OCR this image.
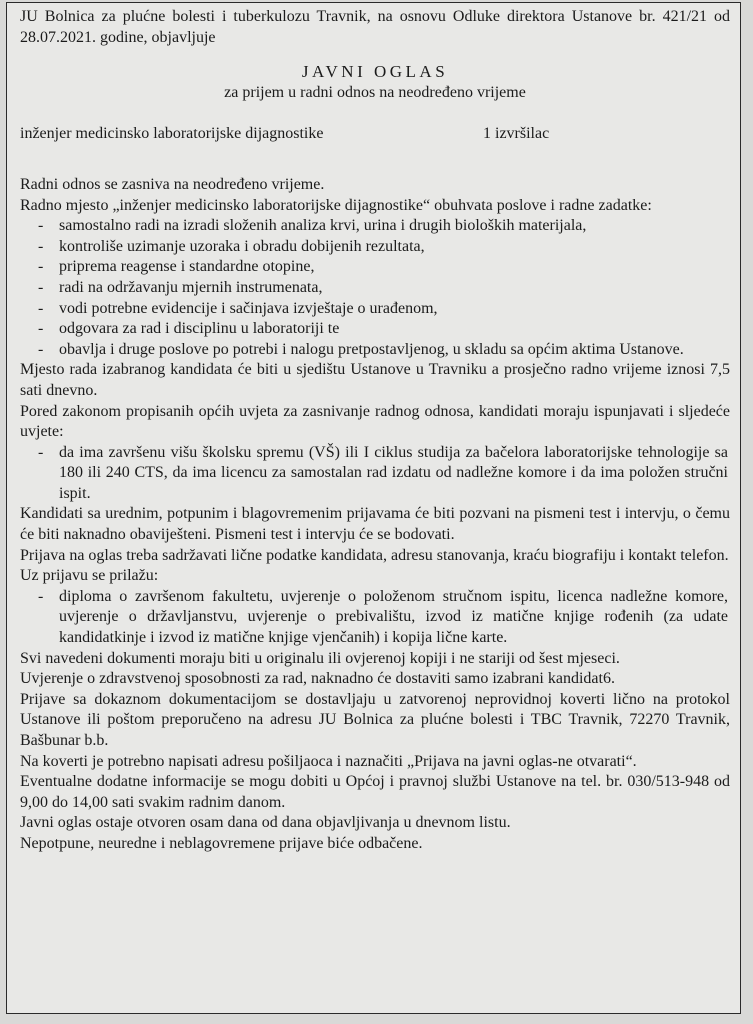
JU Bolnica za plućne bolesti i tuberkulozu Travnik, na osnovu Odluke direktora Ustanove br. 421/21 od 28.07.2021. godine, objavljuje

JAVNI OGLAS

za prijem u radni odnos na neodređeno vrijeme

inženjer medicinsko laboratorijske dijagnostike	1 izvršilac

Radni odnos se zasniva na neodređeno vrijeme.

Radno mjesto „inženjer medicinsko laboratorijske dijagnostike“ obuhvata poslove i radne zadatke:

- samostalno radi na izradi složenih analiza krvi, urina i drugih bioloških materijala,
- kontroliše uzimanje uzoraka i obradu dobijenih rezultata,
- priprema reagense i standardne otopine,
- radi na održavanju mjernih instrumenata,
- vodi potrebne evidencije i sačinjava izvještaje o urađenom,
- odgovara za rad i disciplinu u laboratoriji te
- obavlja i druge poslove po potrebi i nalogu pretpostavljenog, u skladu sa općim aktima Ustanove.

Mjesto rada izabranog kandidata će biti u sjedištu Ustanove u Travniku a prosječno radno vrijeme iznosi 7,5 sati dnevno.

Pored zakonom propisanih općih uvjeta za zasnivanje radnog odnosa, kandidati moraju ispunjavati i sljedeće uvjete:

- da ima završenu višu školsku spremu (VŠ) ili I ciklus studija za bačelora laboratorijske tehnologije sa 180 ili 240 CTS, da ima licencu za samostalan rad izdatu od nadležne komore i da ima položen stručni ispit.

Kandidati sa urednim, potpunim i blagovremenim prijavama će biti pozvani na pismeni test i intervju, o čemu će biti naknadno obaviješteni. Pismeni test i intervju će se bodovati.

Prijava na oglas treba sadržavati lične podatke kandidata, adresu stanovanja, kraću biografiju i kontakt telefon.

Uz prijavu se prilažu:

- diploma o završenom fakultetu, uvjerenje o položenom stručnom ispitu, licenca nadležne komore, uvjerenje o državljanstvu, uvjerenje o prebivalištu, izvod iz matične knjige rođenih (za udate kandidatkinje i izvod iz matične knjige vjenčanih) i kopija lične karte.

Svi navedeni dokumenti moraju biti u originalu ili ovjerenoj kopiji i ne stariji od šest mjeseci.

Uvjerenje o zdravstvenoj sposobnosti za rad, naknadno će dostaviti samo izabrani kandidat6.

Prijave sa dokaznom dokumentacijom se dostavljaju u zatvorenoj neprovidnoj koverti lično na protokol Ustanove ili poštom preporučeno na adresu JU Bolnica za plućne bolesti i TBC Travnik, 72270 Travnik, Bašbunar b.b.

Na koverti je potrebno napisati adresu pošiljaoca i naznačiti „Prijava na javni oglas-ne otvarati“.

Eventualne dodatne informacije se mogu dobiti u Općoj i pravnoj službi Ustanove na tel. br. 030/513-948 od 9,00 do 14,00 sati svakim radnim danom.

Javni oglas ostaje otvoren osam dana od dana objavljivanja u dnevnom listu.

Nepotpune, neuredne i neblagovremene prijave biće odbačene.
